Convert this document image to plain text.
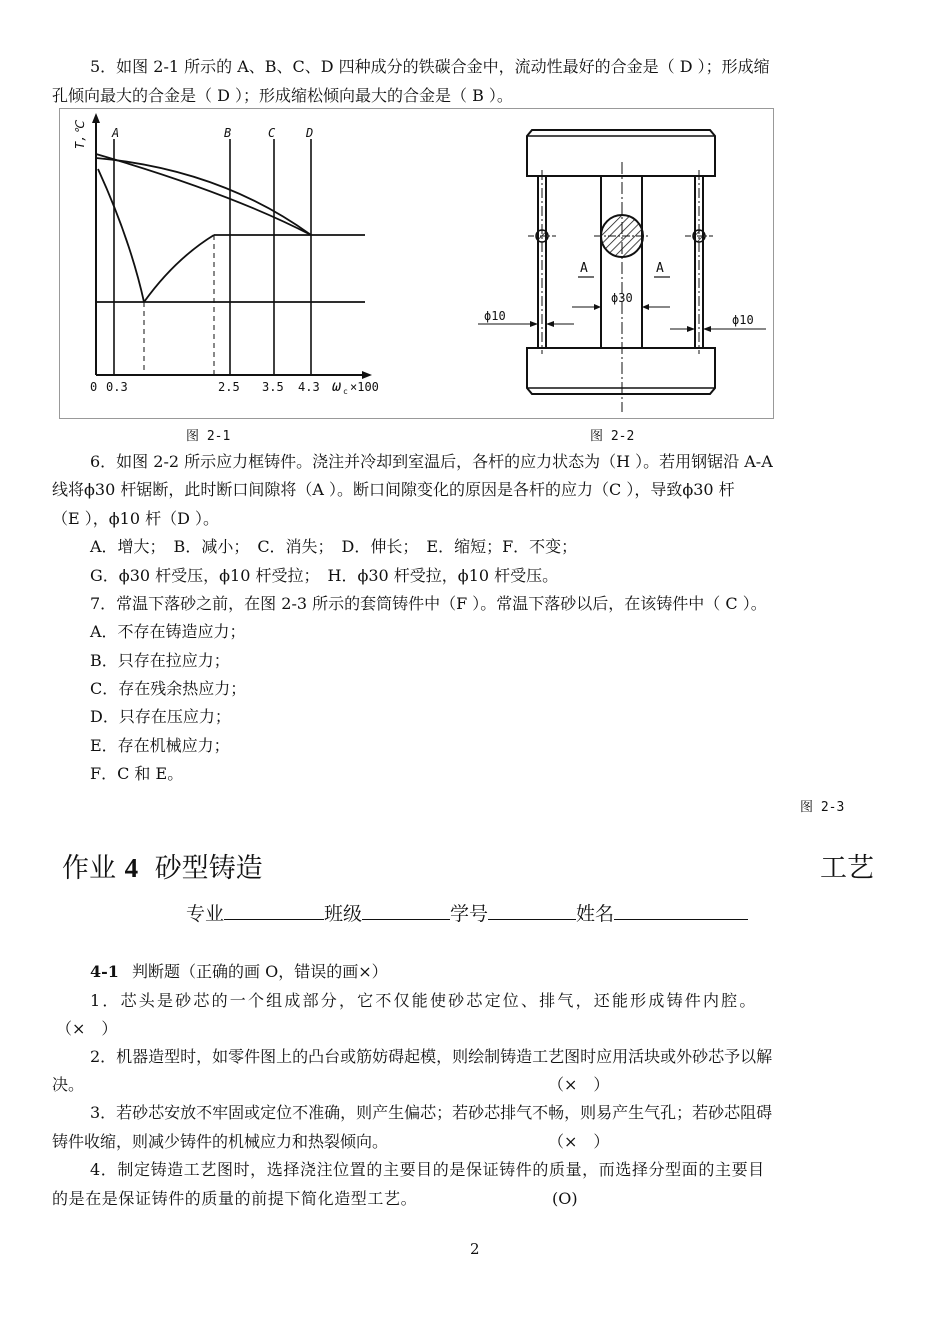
5．如图 2-1 所示的 A、B、C、D 四种成分的铁碳合金中，流动性最好的合金是（ D ）；形成缩
孔倾向最大的合金是（ D ）；形成缩松倾向最大的合金是（ B ）。
T,℃ A	B	C	D
0 0.3	2.5 3.5 4.3 ω c ×100
A	A
ϕ30
ϕ10	ϕ10
图 2-1	图 2-2
6．如图 2-2 所示应力框铸件。浇注并冷却到室温后，各杆的应力状态为（H ）。若用钢锯沿 A-A
线将ϕ30 杆锯断，此时断口间隙将（A ）。断口间隙变化的原因是各杆的应力（C ），导致ϕ30 杆
（E ），ϕ10 杆（D ）。
A．增大；　B．减小；　C．消失；　D．伸长；　E．缩短；F．不变；
G．ϕ30 杆受压，ϕ10 杆受拉；　H．ϕ30 杆受拉，ϕ10 杆受压。
7．常温下落砂之前，在图 2-3 所示的套筒铸件中（F ）。常温下落砂以后，在该铸件中（ C ）。
A．不存在铸造应力；
B．只存在拉应力；
C．存在残余热应力；
D．只存在压应力；
E．存在机械应力；
F．C 和 E。
图 2-3
作业 4 砂型铸造	工艺
专业	班级	学号	姓名
4-1 判断题（正确的画 O，错误的画×）
1．芯头是砂芯的一个组成部分，它不仅能使砂芯定位、排气，还能形成铸件内腔。
（×　）
2．机器造型时，如零件图上的凸台或筋妨碍起模，则绘制铸造工艺图时应用活块或外砂芯予以解
决。	（×　）
3．若砂芯安放不牢固或定位不准确，则产生偏芯；若砂芯排气不畅，则易产生气孔；若砂芯阻碍
铸件收缩，则减少铸件的机械应力和热裂倾向。	（×　）
4．制定铸造工艺图时，选择浇注位置的主要目的是保证铸件的质量，而选择分型面的主要目
的是在是保证铸件的质量的前提下简化造型工艺。	(O)
2
